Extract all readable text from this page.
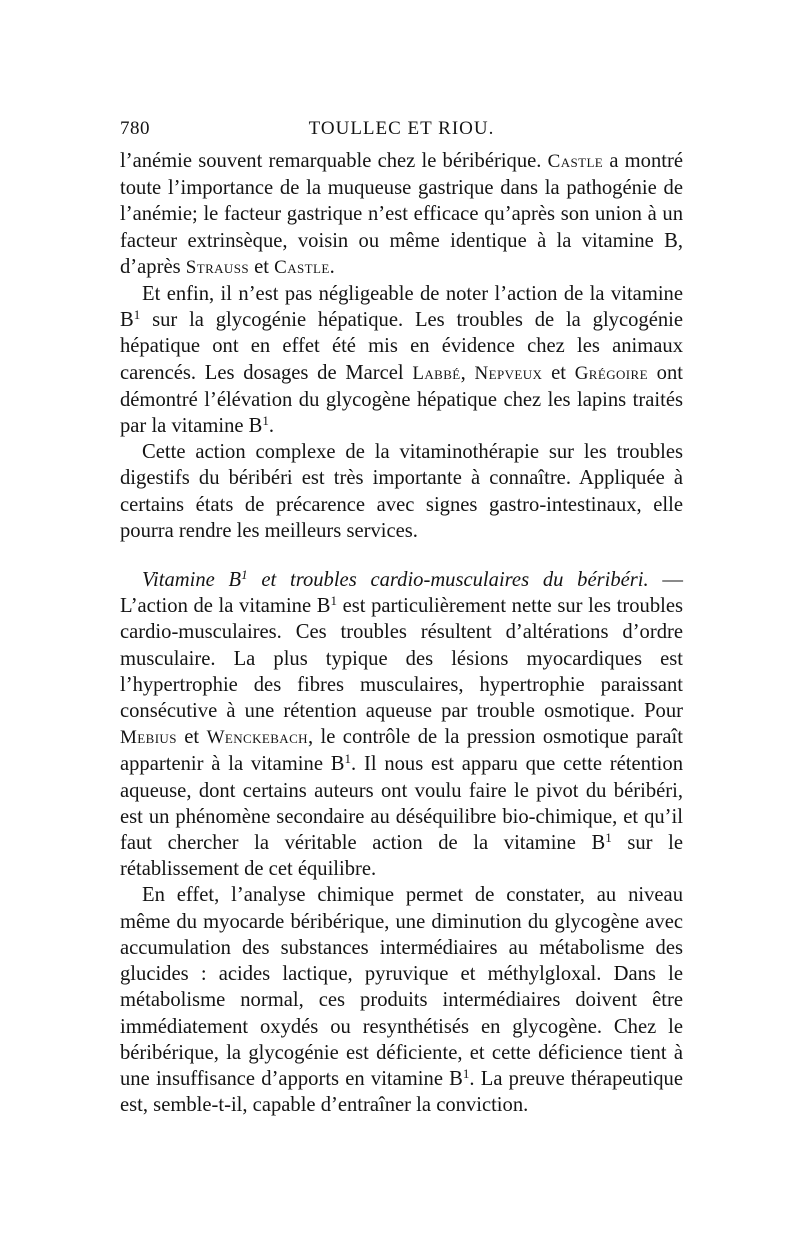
780	TOULLEC ET RIOU.

l’anémie souvent remarquable chez le béribérique. Castle a montré toute l’importance de la muqueuse gastrique dans la pathogénie de l’anémie; le facteur gastrique n’est efficace qu’après son union à un facteur extrinsèque, voisin ou même identique à la vitamine B, d’après Strauss et Castle.

Et enfin, il n’est pas négligeable de noter l’action de la vitamine $B^1$ sur la glycogénie hépatique. Les troubles de la glycogénie hépatique ont en effet été mis en évidence chez les animaux carencés. Les dosages de Marcel Labbé, Nepveux et Grégoire ont démontré l’élévation du glycogène hépatique chez les lapins traités par la vitamine $B^1$.

Cette action complexe de la vitaminothérapie sur les troubles digestifs du béribéri est très importante à connaître. Appliquée à certains états de précarence avec signes gastro-intestinaux, elle pourra rendre les meilleurs services.

Vitamine $B^1$ et troubles cardio-musculaires du béribéri. — L’action de la vitamine $B^1$ est particulièrement nette sur les troubles cardio-musculaires. Ces troubles résultent d’altérations d’ordre musculaire. La plus typique des lésions myocardiques est l’hypertrophie des fibres musculaires, hypertrophie paraissant consécutive à une rétention aqueuse par trouble osmotique. Pour Mebius et Wenckebach, le contrôle de la pression osmotique paraît appartenir à la vitamine $B^1$. Il nous est apparu que cette rétention aqueuse, dont certains auteurs ont voulu faire le pivot du béribéri, est un phénomène secondaire au déséquilibre bio-chimique, et qu’il faut chercher la véritable action de la vitamine $B^1$ sur le rétablissement de cet équilibre.

En effet, l’analyse chimique permet de constater, au niveau même du myocarde béribérique, une diminution du glycogène avec accumulation des substances intermédiaires au métabolisme des glucides : acides lactique, pyruvique et méthylgloxal. Dans le métabolisme normal, ces produits intermédiaires doivent être immédiatement oxydés ou resynthétisés en glycogène. Chez le béribérique, la glycogénie est déficiente, et cette déficience tient à une insuffisance d’apports en vitamine $B^1$. La preuve thérapeutique est, semble-t-il, capable d’entraîner la conviction.
